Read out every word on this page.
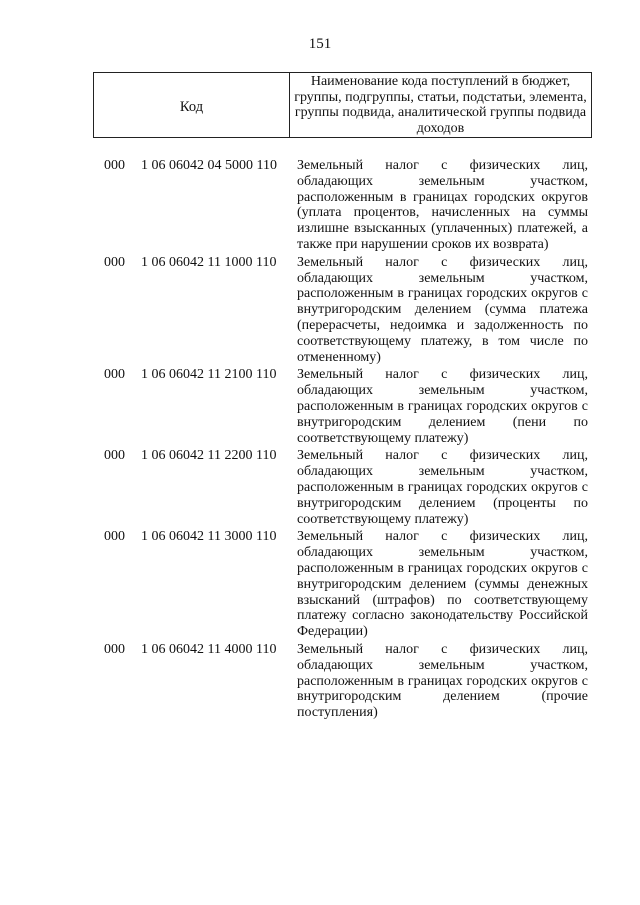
151
Код
Наименование кода поступлений в бюджет, группы, подгруппы, статьи, подстатьи, элемента, группы подвида, аналитической группы подвида доходов
000 1 06 06042 04 5000 110 Земельный налог с физических лиц, обладающих земельным участком, расположенным в границах городских округов (уплата процентов, начисленных на суммы излишне взысканных (уплаченных) платежей, а также при нарушении сроков их возврата)
000 1 06 06042 11 1000 110 Земельный налог с физических лиц, обладающих земельным участком, расположенным в границах городских округов с внутригородским делением (сумма платежа (перерасчеты, недоимка и задолженность по соответствующему платежу, в том числе по отмененному)
000 1 06 06042 11 2100 110 Земельный налог с физических лиц, обладающих земельным участком, расположенным в границах городских округов с внутригородским делением (пени по соответствующему платежу)
000 1 06 06042 11 2200 110 Земельный налог с физических лиц, обладающих земельным участком, расположенным в границах городских округов с внутригородским делением (проценты по соответствующему платежу)
000 1 06 06042 11 3000 110 Земельный налог с физических лиц, обладающих земельным участком, расположенным в границах городских округов с внутригородским делением (суммы денежных взысканий (штрафов) по соответствующему платежу согласно законодательству Российской Федерации)
000 1 06 06042 11 4000 110 Земельный налог с физических лиц, обладающих земельным участком, расположенным в границах городских округов с внутригородским делением (прочие поступления)
